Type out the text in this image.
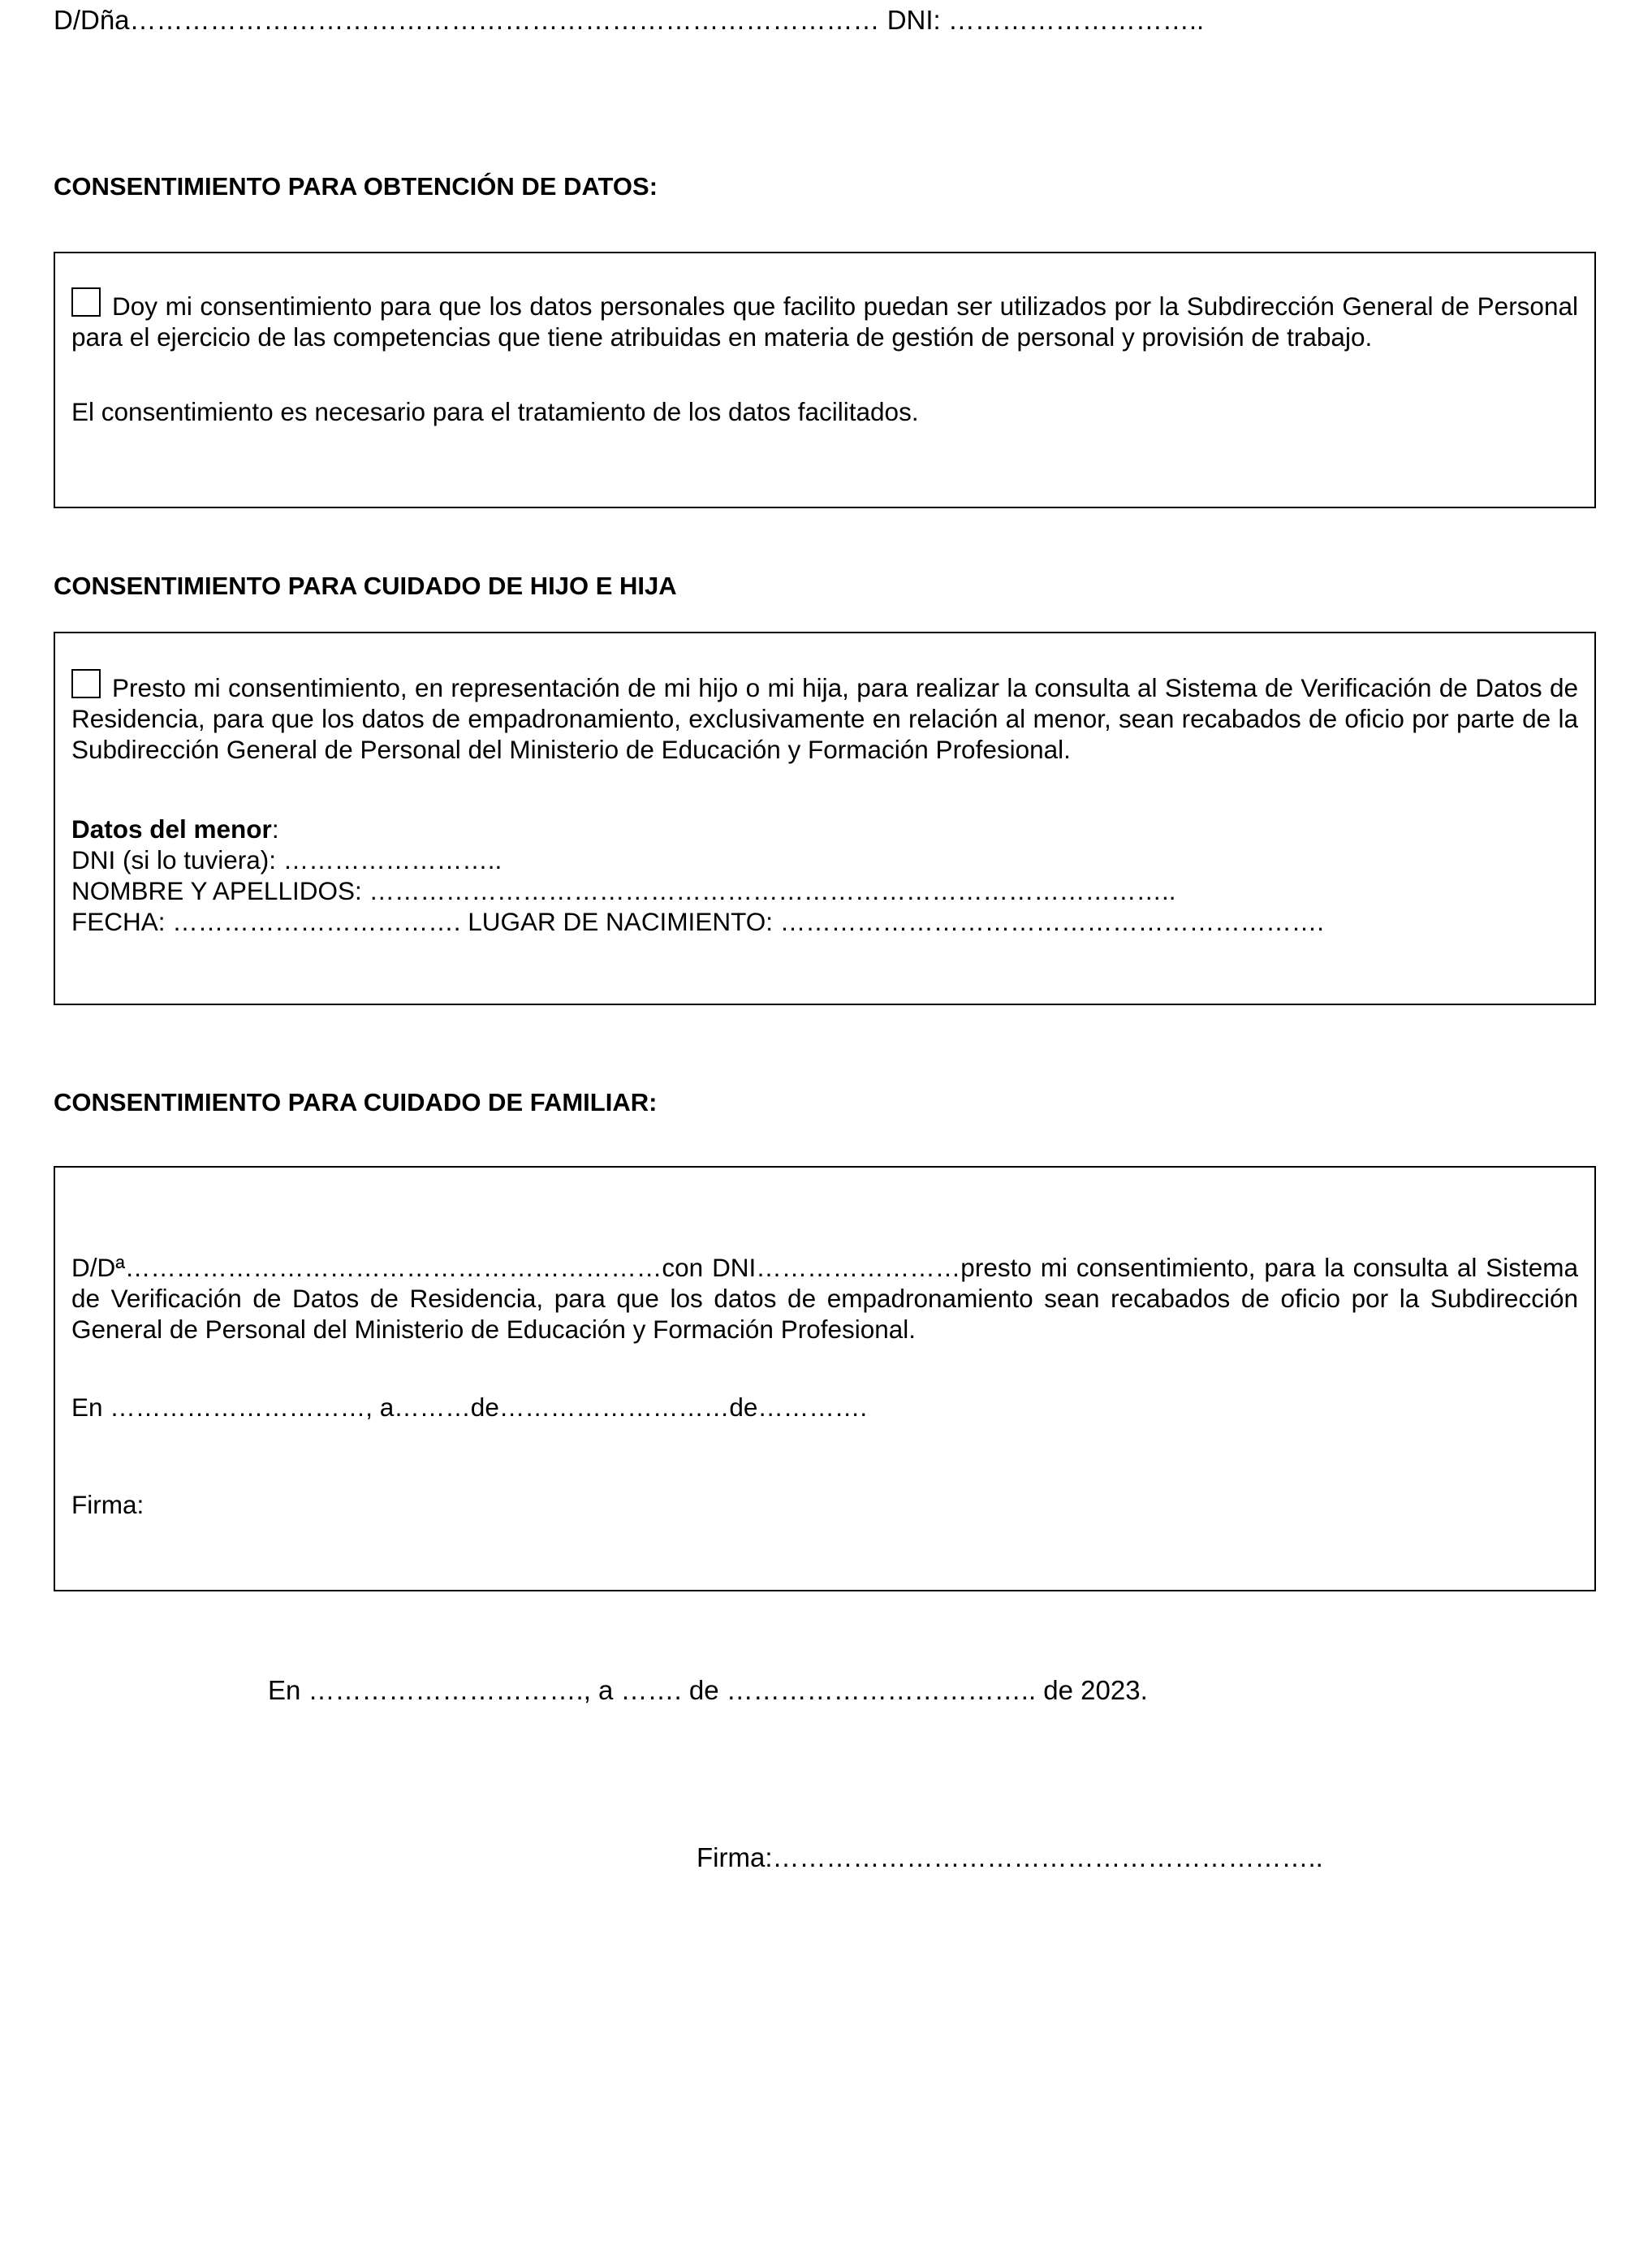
D/Dña………………………………………………………………………… DNI: ………………………..
CONSENTIMIENTO PARA OBTENCIÓN DE DATOS:
Doy mi consentimiento para que los datos personales que facilito puedan ser utilizados por la Subdirección General de Personal para el ejercicio de las competencias que tiene atribuidas en materia de gestión de personal y provisión de trabajo.
El consentimiento es necesario para el tratamiento de los datos facilitados.
CONSENTIMIENTO PARA CUIDADO DE HIJO E HIJA
Presto mi consentimiento, en representación de mi hijo o mi hija, para realizar la consulta al Sistema de Verificación de Datos de Residencia, para que los datos de empadronamiento, exclusivamente en relación al menor, sean recabados de oficio por parte de la Subdirección General de Personal del Ministerio de Educación y Formación Profesional.
Datos del menor:
DNI (si lo tuviera): ……………………..
NOMBRE Y APELLIDOS: …………………………………………………………………………………..
FECHA: ……………………………. LUGAR DE NACIMIENTO: ……………………………………………………….
CONSENTIMIENTO PARA CUIDADO DE FAMILIAR:
D/Dª………………………………………………………con DNI……………………presto mi consentimiento, para la consulta al Sistema de Verificación de Datos de Residencia, para que los datos de empadronamiento sean recabados de oficio por la Subdirección General de Personal del Ministerio de Educación y Formación Profesional.
En …………………………, a………de………………………de………….
Firma:
En …………………………., a ……. de …………………………….. de 2023.
Firma:……………………………………………………..
